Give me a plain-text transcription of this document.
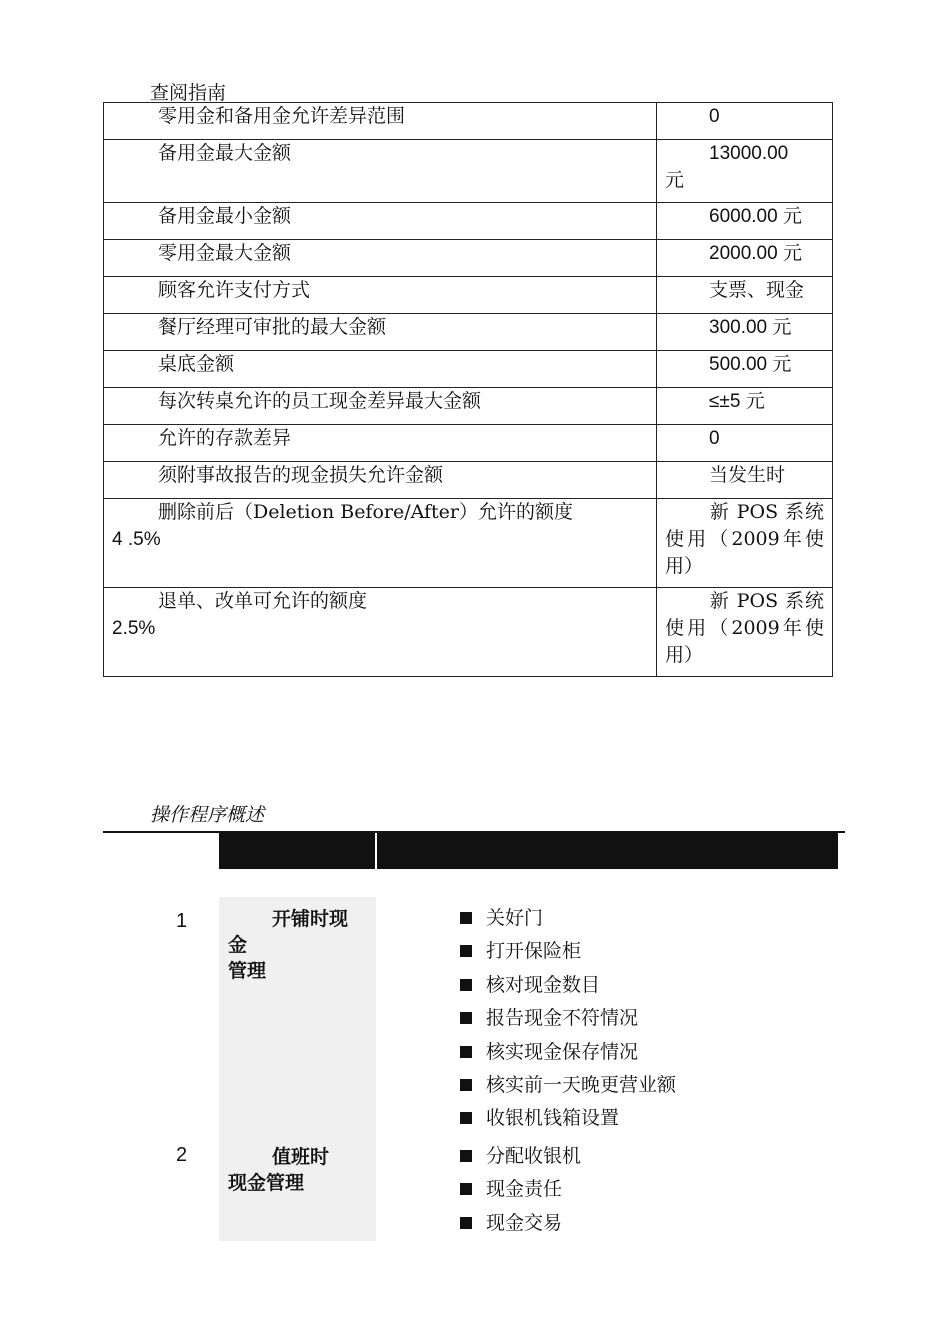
查阅指南
零用金和备用金允许差异范围	0
备用金最大金额	13000.00
元
备用金最小金额	6000.00 元
零用金最大金额	2000.00 元
顾客允许支付方式	支票、现金
餐厅经理可审批的最大金额	300.00 元
桌底金额	500.00 元
每次转桌允许的员工现金差异最大金额	≤±5 元
允许的存款差异	0
须附事故报告的现金损失允许金额	当发生时
删除前后（Deletion Before/After）允许的额度
4 .5%	新 POS 系统使用（2009年使用）
退单、改单可允许的额度
2.5%	新 POS 系统使用（2009年使用）
操作程序概述
1	开铺时现
金
管理
关好门
打开保险柜
核对现金数目
报告现金不符情况
核实现金保存情况
核实前一天晚更营业额
收银机钱箱设置
2	值班时
现金管理
分配收银机
现金责任
现金交易
